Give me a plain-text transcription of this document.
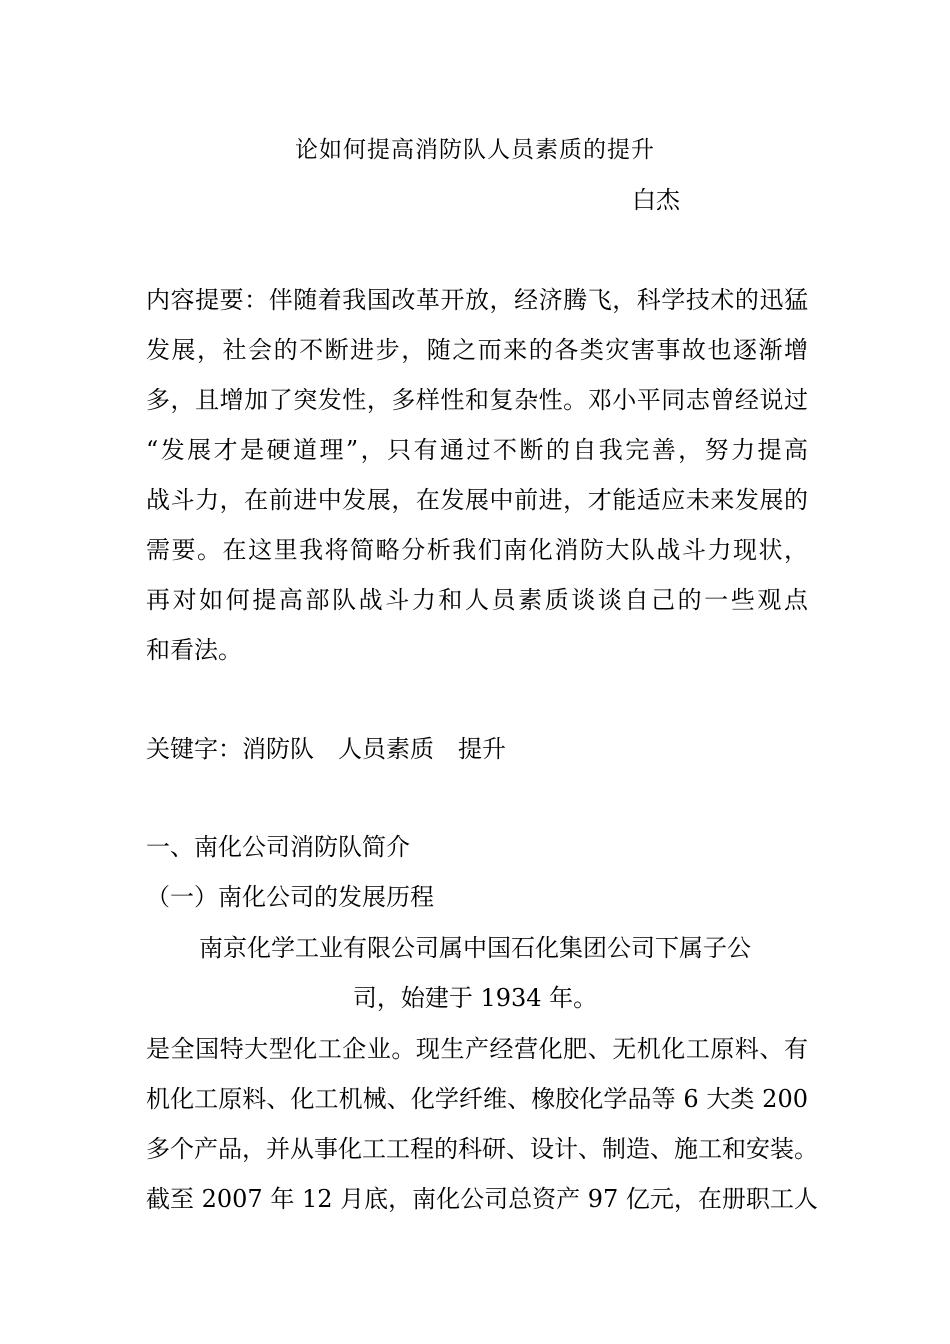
论如何提高消防队人员素质的提升
白杰
内容提要：伴随着我国改革开放，经济腾飞，科学技术的迅猛
发展，社会的不断进步，随之而来的各类灾害事故也逐渐增
多，且增加了突发性，多样性和复杂性。邓小平同志曾经说过
“发展才是硬道理”，只有通过不断的自我完善，努力提高
战斗力，在前进中发展，在发展中前进，才能适应未来发展的
需要。在这里我将简略分析我们南化消防大队战斗力现状，
再对如何提高部队战斗力和人员素质谈谈自己的一些观点
和看法。
关键字：消防队　人员素质　提升
一、南化公司消防队简介
（一）南化公司的发展历程
南京化学工业有限公司属中国石化集团公司下属子公
司，始建于 1934 年。
是全国特大型化工企业。现生产经营化肥、无机化工原料、有
机化工原料、化工机械、化学纤维、橡胶化学品等 6 大类 200
多个产品，并从事化工工程的科研、设计、制造、施工和安装。
截至 2007 年 12 月底，南化公司总资产 97 亿元，在册职工人
